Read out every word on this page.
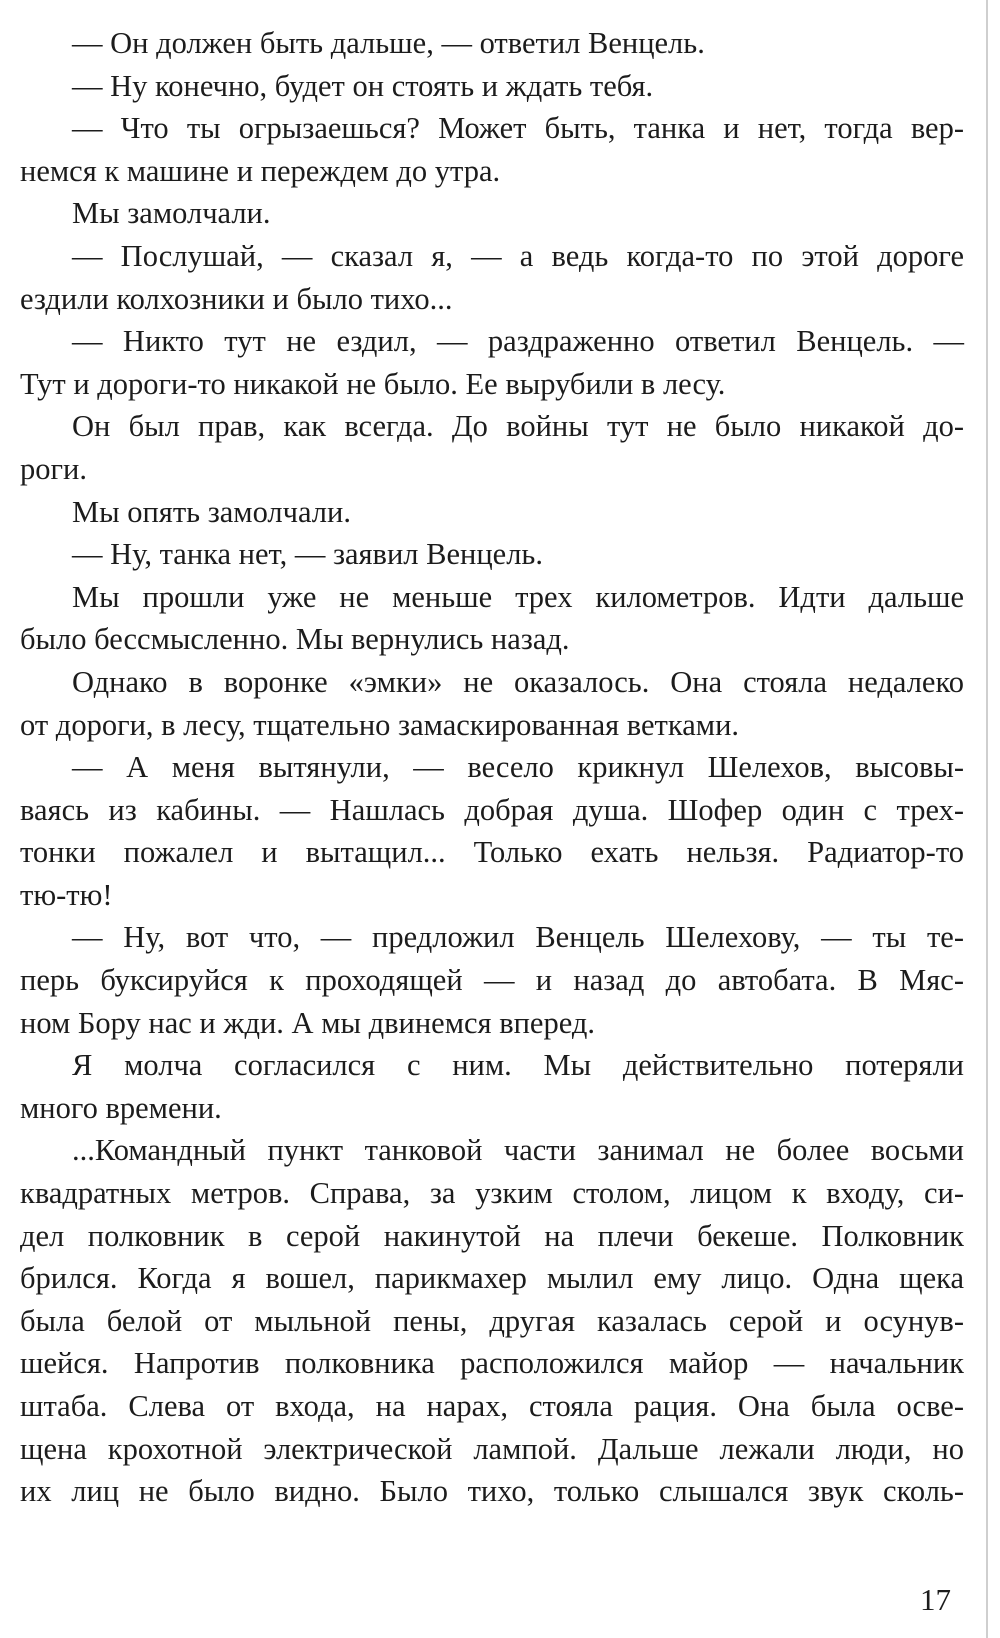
— Он должен быть дальше, — ответил Венцель.
— Ну конечно, будет он стоять и ждать тебя.
— Что ты огрызаешься? Может быть, танка и нет, тогда вер-
немся к машине и переждем до утра.
Мы замолчали.
— Послушай, — сказал я, — а ведь когда-то по этой дороге
ездили колхозники и было тихо...
— Никто тут не ездил, — раздраженно ответил Венцель. —
Тут и дороги-то никакой не было. Ее вырубили в лесу.
Он был прав, как всегда. До войны тут не было никакой до-
роги.
Мы опять замолчали.
— Ну, танка нет, — заявил Венцель.
Мы прошли уже не меньше трех километров. Идти дальше
было бессмысленно. Мы вернулись назад.
Однако в воронке «эмки» не оказалось. Она стояла недалеко
от дороги, в лесу, тщательно замаскированная ветками.
— А меня вытянули, — весело крикнул Шелехов, высовы-
ваясь из кабины. — Нашлась добрая душа. Шофер один с трех-
тонки пожалел и вытащил... Только ехать нельзя. Радиатор-то
тю-тю!
— Ну, вот что, — предложил Венцель Шелехову, — ты те-
перь буксируйся к проходящей — и назад до автобата. В Мяс-
ном Бору нас и жди. А мы двинемся вперед.
Я молча согласился с ним. Мы действительно потеряли
много времени.
...Командный пункт танковой части занимал не более восьми
квадратных метров. Справа, за узким столом, лицом к входу, си-
дел полковник в серой накинутой на плечи бекеше. Полковник
брился. Когда я вошел, парикмахер мылил ему лицо. Одна щека
была белой от мыльной пены, другая казалась серой и осунув-
шейся. Напротив полковника расположился майор — начальник
штаба. Слева от входа, на нарах, стояла рация. Она была осве-
щена крохотной электрической лампой. Дальше лежали люди, но
их лиц не было видно. Было тихо, только слышался звук сколь-
17
